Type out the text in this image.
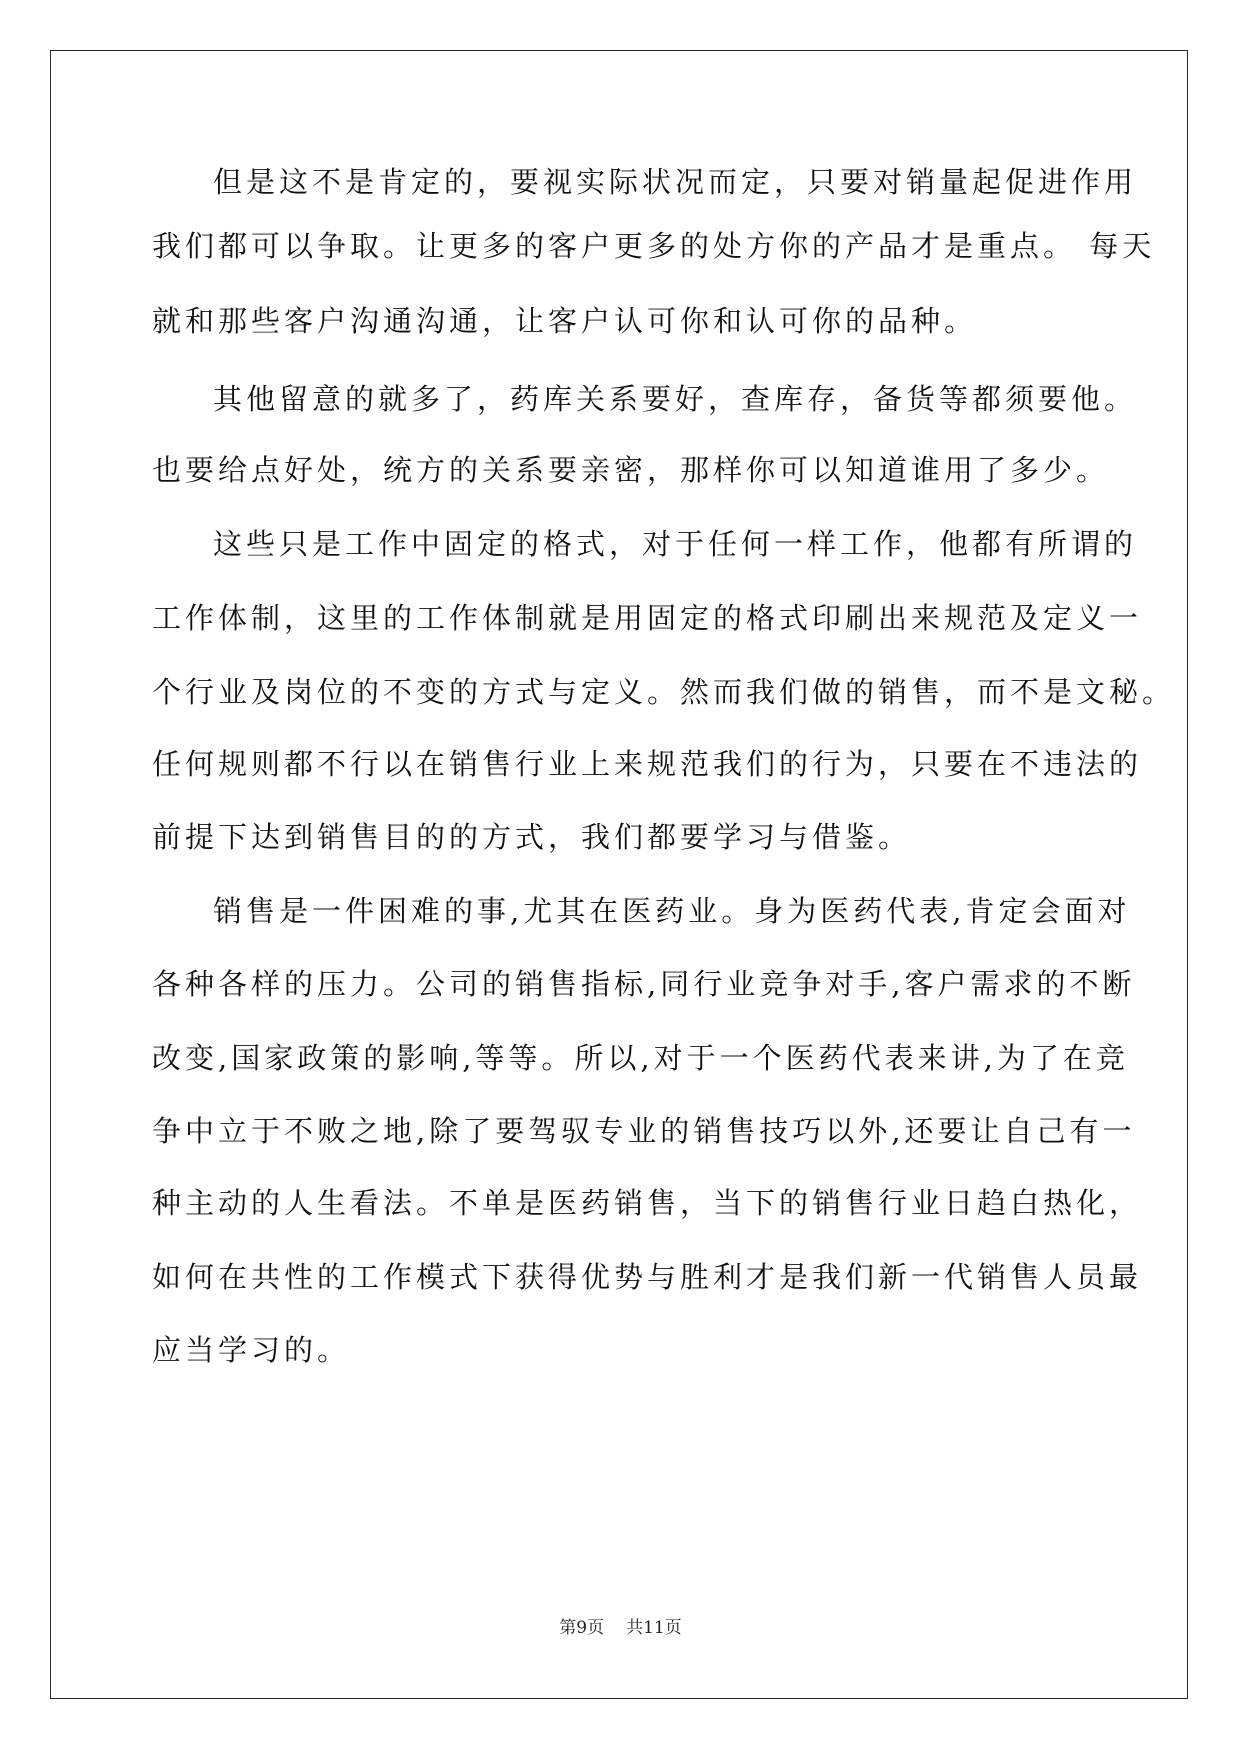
但是这不是肯定的，要视实际状况而定，只要对销量起促进作用

我们都可以争取。让更多的客户更多的处方你的产品才是重点。 每天

就和那些客户沟通沟通，让客户认可你和认可你的品种。

其他留意的就多了，药库关系要好，查库存，备货等都须要他。

也要给点好处，统方的关系要亲密，那样你可以知道谁用了多少。

这些只是工作中固定的格式，对于任何一样工作，他都有所谓的

工作体制，这里的工作体制就是用固定的格式印刷出来规范及定义一

个行业及岗位的不变的方式与定义。然而我们做的销售，而不是文秘。

任何规则都不行以在销售行业上来规范我们的行为，只要在不违法的

前提下达到销售目的的方式，我们都要学习与借鉴。

销售是一件困难的事,尤其在医药业。身为医药代表,肯定会面对

各种各样的压力。公司的销售指标,同行业竞争对手,客户需求的不断

改变,国家政策的影响,等等。所以,对于一个医药代表来讲,为了在竞

争中立于不败之地,除了要驾驭专业的销售技巧以外,还要让自己有一

种主动的人生看法。不单是医药销售，当下的销售行业日趋白热化，

如何在共性的工作模式下获得优势与胜利才是我们新一代销售人员最

应当学习的。

第9页 共11页
